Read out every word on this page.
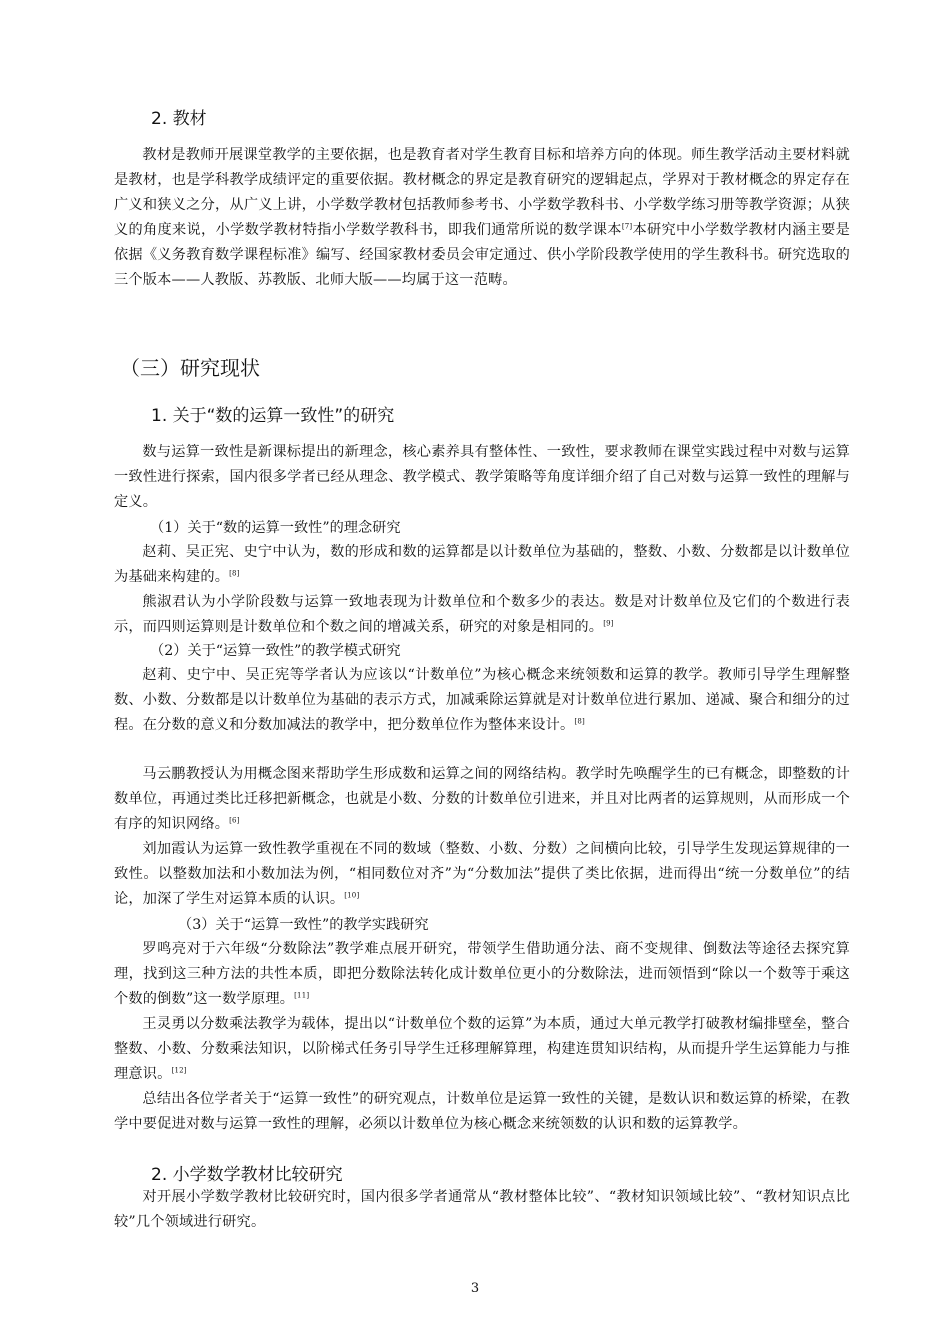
2. 教材

教材是教师开展课堂教学的主要依据，也是教育者对学生教育目标和培养方向的体现。师生教学活动主要材料就是教材，也是学科教学成绩评定的重要依据。教材概念的界定是教育研究的逻辑起点，学界对于教材概念的界定存在广义和狭义之分，从广义上讲，小学数学教材包括教师参考书、小学数学教科书、小学数学练习册等教学资源；从狭义的角度来说，小学数学教材特指小学数学教科书，即我们通常所说的数学课本[7]本研究中小学数学教材内涵主要是依据《义务教育数学课程标准》编写、经国家教材委员会审定通过、供小学阶段教学使用的学生教科书。研究选取的三个版本——人教版、苏教版、北师大版——均属于这一范畴。

（三）研究现状
1. 关于“数的运算一致性”的研究

数与运算一致性是新课标提出的新理念，核心素养具有整体性、一致性，要求教师在课堂实践过程中对数与运算一致性进行探索，国内很多学者已经从理念、教学模式、教学策略等角度详细介绍了自己对数与运算一致性的理解与定义。

（1）关于“数的运算一致性”的理念研究

赵莉、吴正宪、史宁中认为，数的形成和数的运算都是以计数单位为基础的，整数、小数、分数都是以计数单位为基础来构建的。[8]

熊淑君认为小学阶段数与运算一致地表现为计数单位和个数多少的表达。数是对计数单位及它们的个数进行表示，而四则运算则是计数单位和个数之间的增减关系，研究的对象是相同的。[9]

（2）关于“运算一致性”的教学模式研究

赵莉、史宁中、吴正宪等学者认为应该以“计数单位”为核心概念来统领数和运算的教学。教师引导学生理解整数、小数、分数都是以计数单位为基础的表示方式，加减乘除运算就是对计数单位进行累加、递减、聚合和细分的过程。在分数的意义和分数加减法的教学中，把分数单位作为整体来设计。[8]

马云鹏教授认为用概念图来帮助学生形成数和运算之间的网络结构。教学时先唤醒学生的已有概念，即整数的计数单位，再通过类比迁移把新概念，也就是小数、分数的计数单位引进来，并且对比两者的运算规则，从而形成一个有序的知识网络。[6]

刘加霞认为运算一致性教学重视在不同的数域（整数、小数、分数）之间横向比较，引导学生发现运算规律的一致性。以整数加法和小数加法为例，“相同数位对齐”为“分数加法”提供了类比依据，进而得出“统一分数单位”的结论，加深了学生对运算本质的认识。[10]

（3）关于“运算一致性”的教学实践研究

罗鸣亮对于六年级“分数除法”教学难点展开研究，带领学生借助通分法、商不变规律、倒数法等途径去探究算理，找到这三种方法的共性本质，即把分数除法转化成计数单位更小的分数除法，进而领悟到“除以一个数等于乘这个数的倒数”这一数学原理。[11]

王灵勇以分数乘法教学为载体，提出以“计数单位个数的运算”为本质，通过大单元教学打破教材编排壁垒，整合整数、小数、分数乘法知识，以阶梯式任务引导学生迁移理解算理，构建连贯知识结构，从而提升学生运算能力与推理意识。[12]

总结出各位学者关于“运算一致性”的研究观点，计数单位是运算一致性的关键，是数认识和数运算的桥梁，在教学中要促进对数与运算一致性的理解，必须以计数单位为核心概念来统领数的认识和数的运算教学。

2. 小学数学教材比较研究

对开展小学数学教材比较研究时，国内很多学者通常从“教材整体比较”、“教材知识领域比较”、“教材知识点比较”几个领域进行研究。

3
